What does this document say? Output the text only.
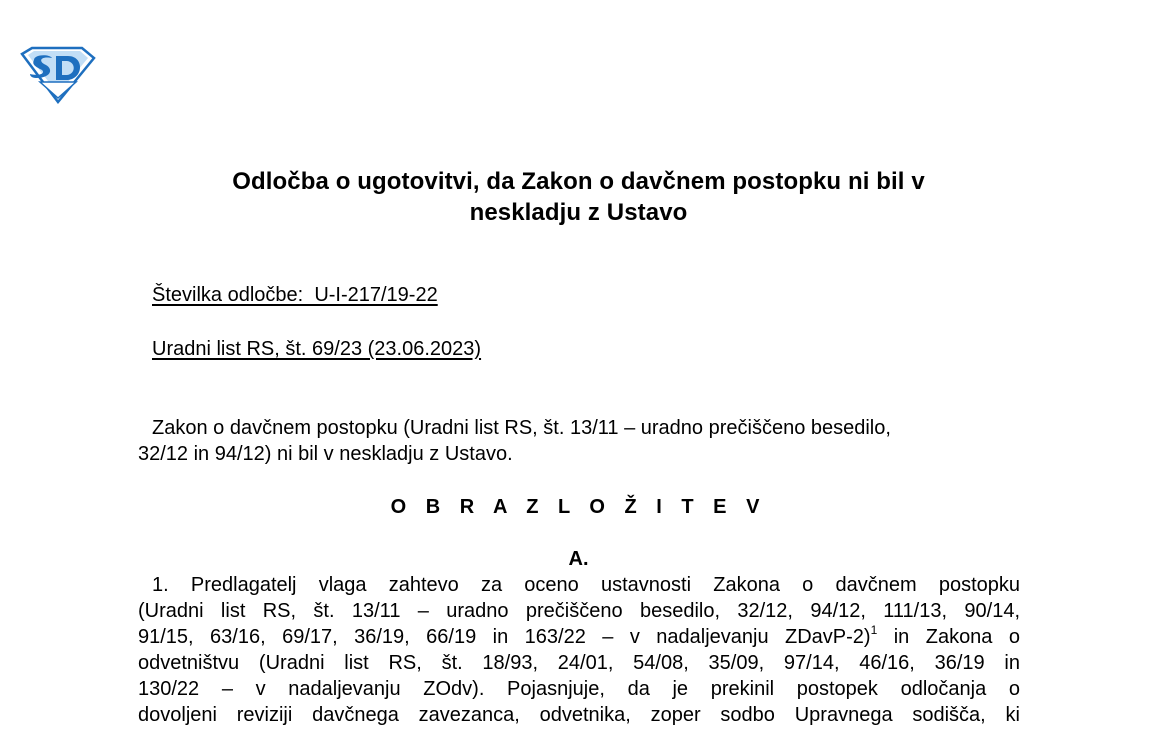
Odločba o ugotovitvi, da Zakon o davčnem postopku ni bil v
neskladju z Ustavo
Številka odločbe:  U-I-217/19-22
Uradni list RS, št. 69/23 (23.06.2023)
Zakon o davčnem postopku (Uradni list RS, št. 13/11 – uradno prečiščeno besedilo,
32/12 in 94/12) ni bil v neskladju z Ustavo.
O B R A Z L O Ž I T E V
A.
1. Predlagatelj vlaga zahtevo za oceno ustavnosti Zakona o davčnem postopku
(Uradni list RS, št. 13/11 – uradno prečiščeno besedilo, 32/12, 94/12, 111/13, 90/14,
91/15, 63/16, 69/17, 36/19, 66/19 in 163/22 – v nadaljevanju ZDavP-2)$^1$ in Zakona o
odvetništvu (Uradni list RS, št. 18/93, 24/01, 54/08, 35/09, 97/14, 46/16, 36/19 in
130/22 – v nadaljevanju ZOdv). Pojasnjuje, da je prekinil postopek odločanja o
dovoljeni reviziji davčnega zavezanca, odvetnika, zoper sodbo Upravnega sodišča, ki
